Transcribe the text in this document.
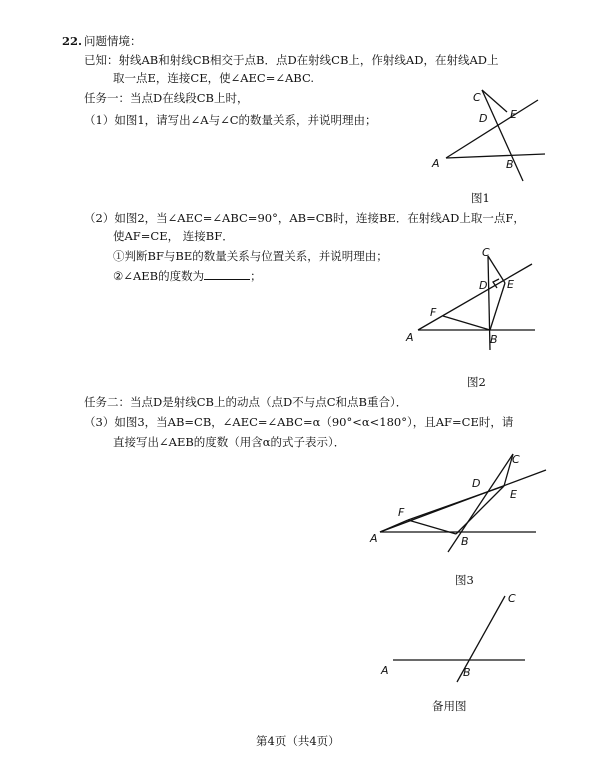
22. 问题情境：
已知：射线AB和射线CB相交于点B．点D在射线CB上，作射线AD，在射线AD上
取一点E，连接CE，使∠AEC=∠ABC.
任务一：当点D在线段CB上时，
（1）如图1，请写出∠A与∠C的数量关系，并说明理由；
A	B
C
D E
图1
（2）如图2，当∠AEC=∠ABC=90°，AB=CB时，连接BE．在射线AD上取一点F，
使AF=CE， 连接BF．
①判断BF与BE的数量关系与位置关系，并说明理由；
②∠AEB的度数为	；
A	B
C
D E
F
图2
任务二：当点D是射线CB上的动点（点D不与点C和点B重合）．
（3）如图3，当AB=CB，∠AEC=∠ABC=α（90°<α<180°），且AF=CE时，请
直接写出∠AEB的度数（用含α的式子表示）．
A	B
C
D
E
F
图3
A	B
C
备用图
第4页（共4页）
